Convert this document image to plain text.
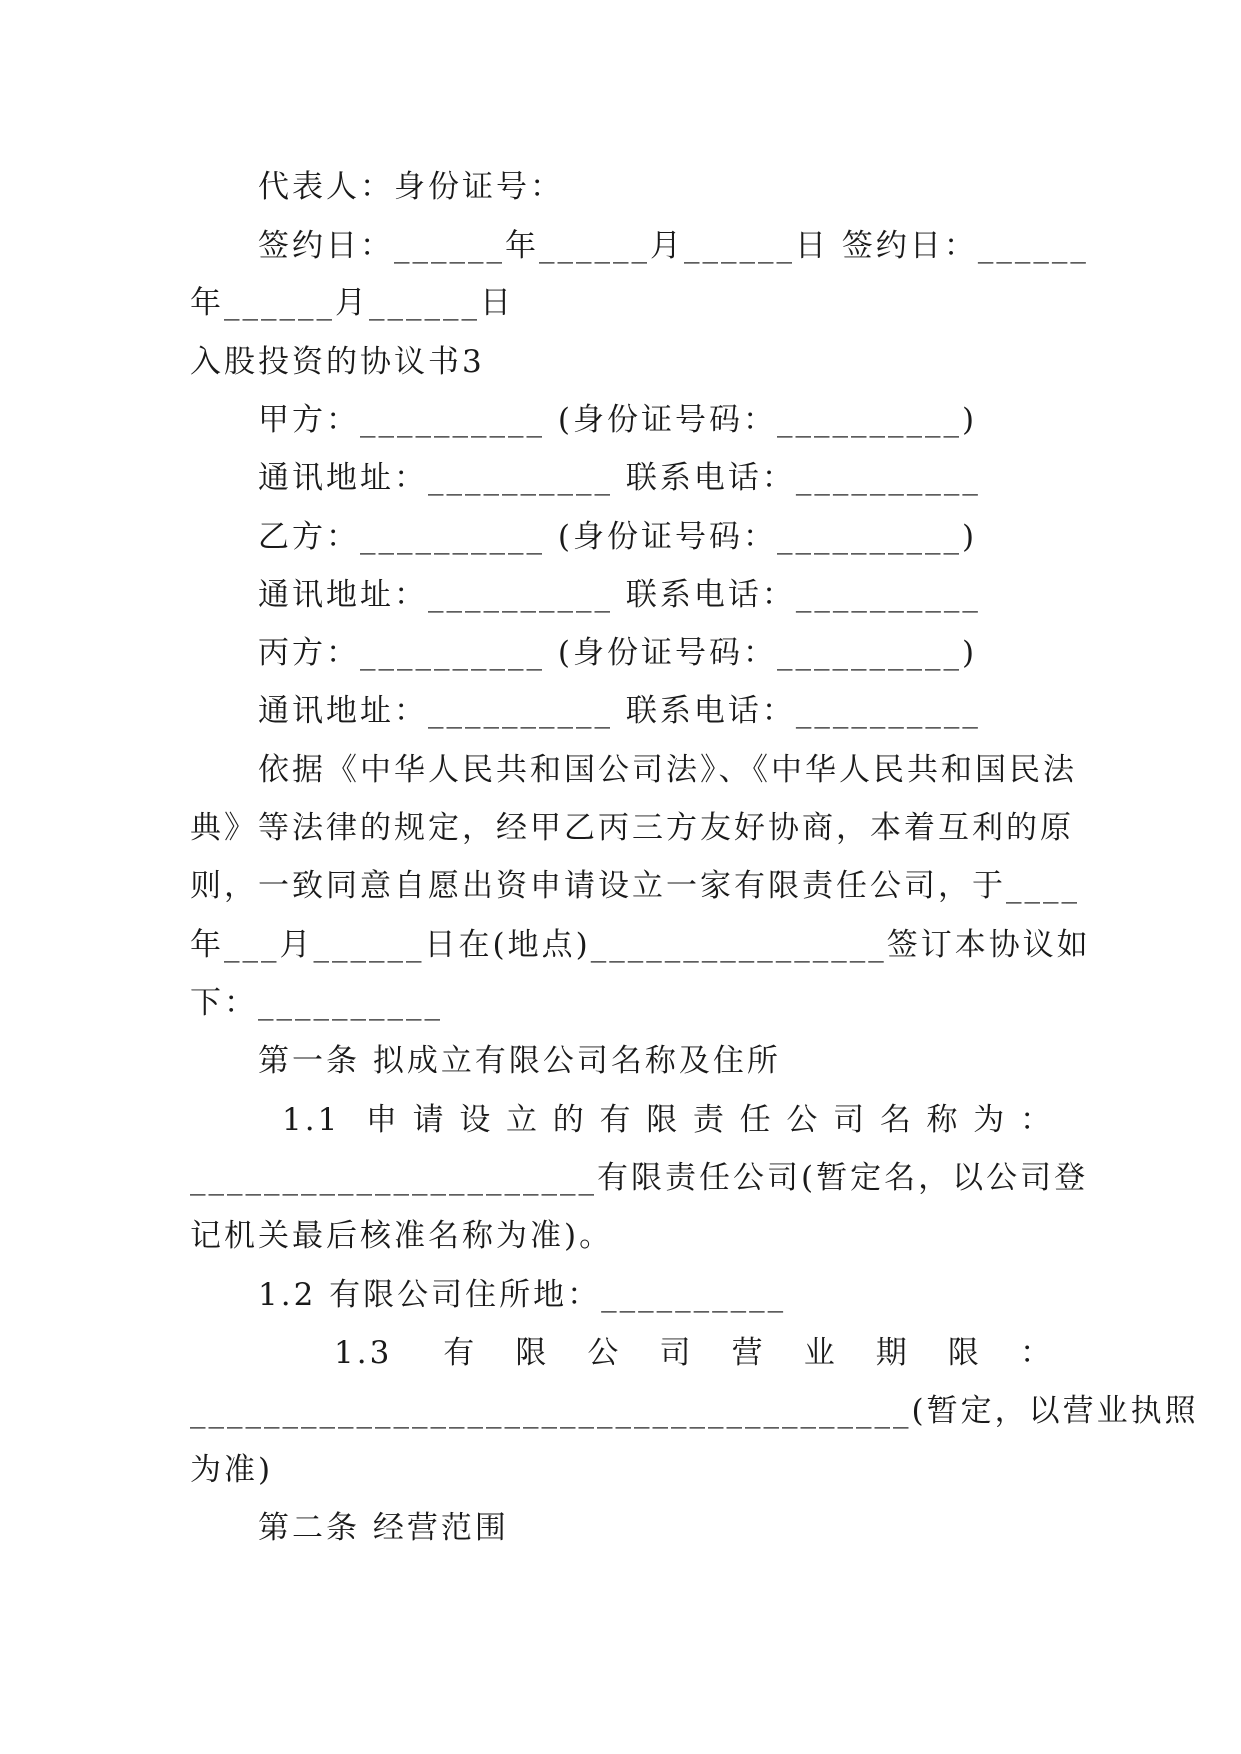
代表人：身份证号：
签约日：______年______月______日 签约日：______
年______月______日
入股投资的协议书3
甲方：__________ (身份证号码：__________)
通讯地址：__________ 联系电话：__________
乙方：__________ (身份证号码：__________)
通讯地址：__________ 联系电话：__________
丙方：__________ (身份证号码：__________)
通讯地址：__________ 联系电话：__________
依据《中华人民共和国公司法》、《中华人民共和国民法
典》等法律的规定，经甲乙丙三方友好协商，本着互利的原
则，一致同意自愿出资申请设立一家有限责任公司，于____
年___月______日在(地点)________________签订本协议如
下：__________
第一条 拟成立有限公司名称及住所
1.1 申请设立的有限责任公司名称为：
______________________有限责任公司(暂定名，以公司登
记机关最后核准名称为准)。
1.2 有限公司住所地：__________
1.3 有限公司营业期限：
_______________________________________(暂定，以营业执照
为准)
第二条 经营范围
